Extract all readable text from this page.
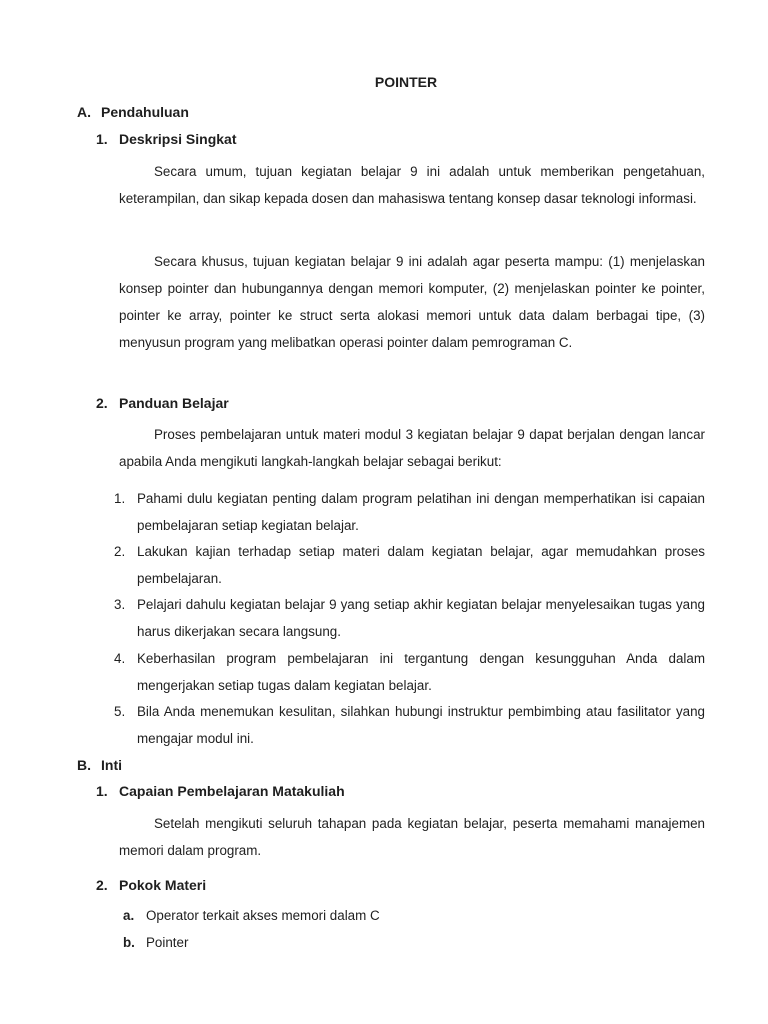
POINTER
A. Pendahuluan
1. Deskripsi Singkat
Secara umum, tujuan kegiatan belajar 9 ini adalah untuk memberikan pengetahuan, keterampilan, dan sikap kepada dosen dan mahasiswa tentang konsep dasar teknologi informasi.
Secara khusus, tujuan kegiatan belajar 9 ini adalah agar peserta mampu: (1) menjelaskan konsep pointer dan hubungannya dengan memori komputer, (2) menjelaskan pointer ke pointer, pointer ke array, pointer ke struct serta alokasi memori untuk data dalam berbagai tipe, (3) menyusun program yang melibatkan operasi pointer dalam pemrograman C.
2. Panduan Belajar
Proses pembelajaran untuk materi modul 3 kegiatan belajar 9 dapat berjalan dengan lancar apabila Anda mengikuti langkah-langkah belajar sebagai berikut:
1. Pahami dulu kegiatan penting dalam program pelatihan ini dengan memperhatikan isi capaian pembelajaran setiap kegiatan belajar.
2. Lakukan kajian terhadap setiap materi dalam kegiatan belajar, agar memudahkan proses pembelajaran.
3. Pelajari dahulu kegiatan belajar 9 yang setiap akhir kegiatan belajar menyelesaikan tugas yang harus dikerjakan secara langsung.
4. Keberhasilan program pembelajaran ini tergantung dengan kesungguhan Anda dalam mengerjakan setiap tugas dalam kegiatan belajar.
5. Bila Anda menemukan kesulitan, silahkan hubungi instruktur pembimbing atau fasilitator yang mengajar modul ini.
B. Inti
1. Capaian Pembelajaran Matakuliah
Setelah mengikuti seluruh tahapan pada kegiatan belajar, peserta memahami manajemen memori dalam program.
2. Pokok Materi
a. Operator terkait akses memori dalam C
b. Pointer
